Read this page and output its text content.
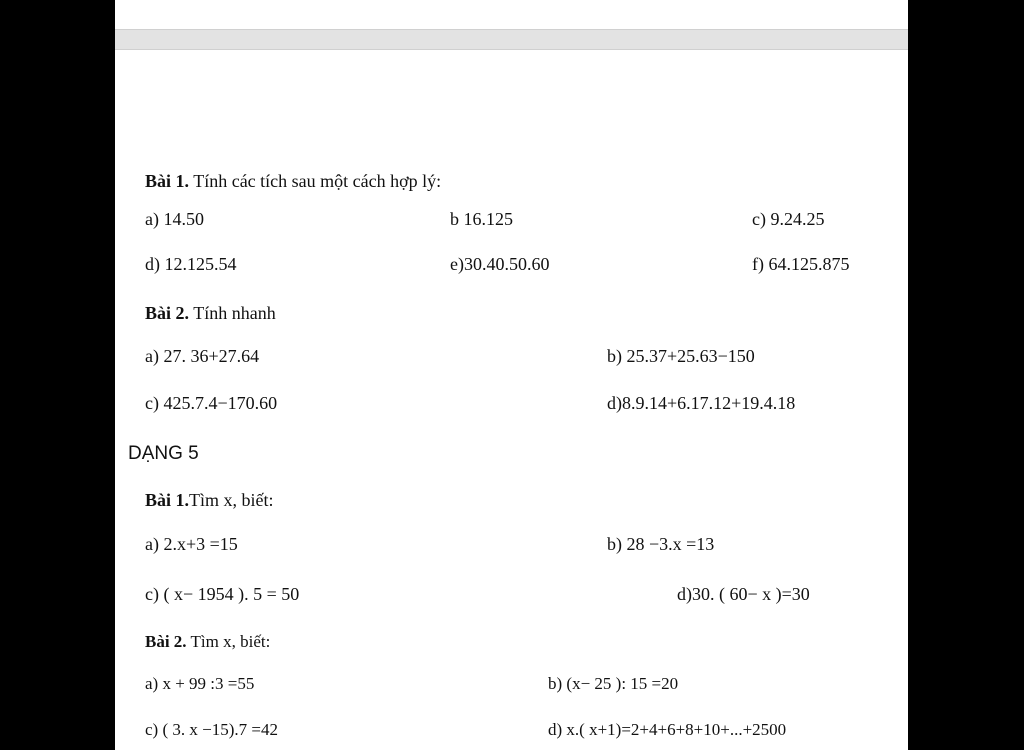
Bài 1. Tính các tích sau một cách hợp lý:
a) 14.50	b 16.125	c) 9.24.25
d) 12.125.54	e)30.40.50.60	f) 64.125.875
Bài 2. Tính nhanh
a) 27. 36+27.64	b) 25.37+25.63−150
c) 425.7.4−170.60	d)8.9.14+6.17.12+19.4.18
DẠNG 5
Bài 1.Tìm x, biết:
a) 2.x+3 =15	b) 28 −3.x =13
c) ( x− 1954 ). 5 = 50	d)30. ( 60− x )=30
Bài 2. Tìm x, biết:
a) x + 99 :3 =55	b) (x− 25 ): 15 =20
c) ( 3. x −15).7 =42	d) x.( x+1)=2+4+6+8+10+...+2500
